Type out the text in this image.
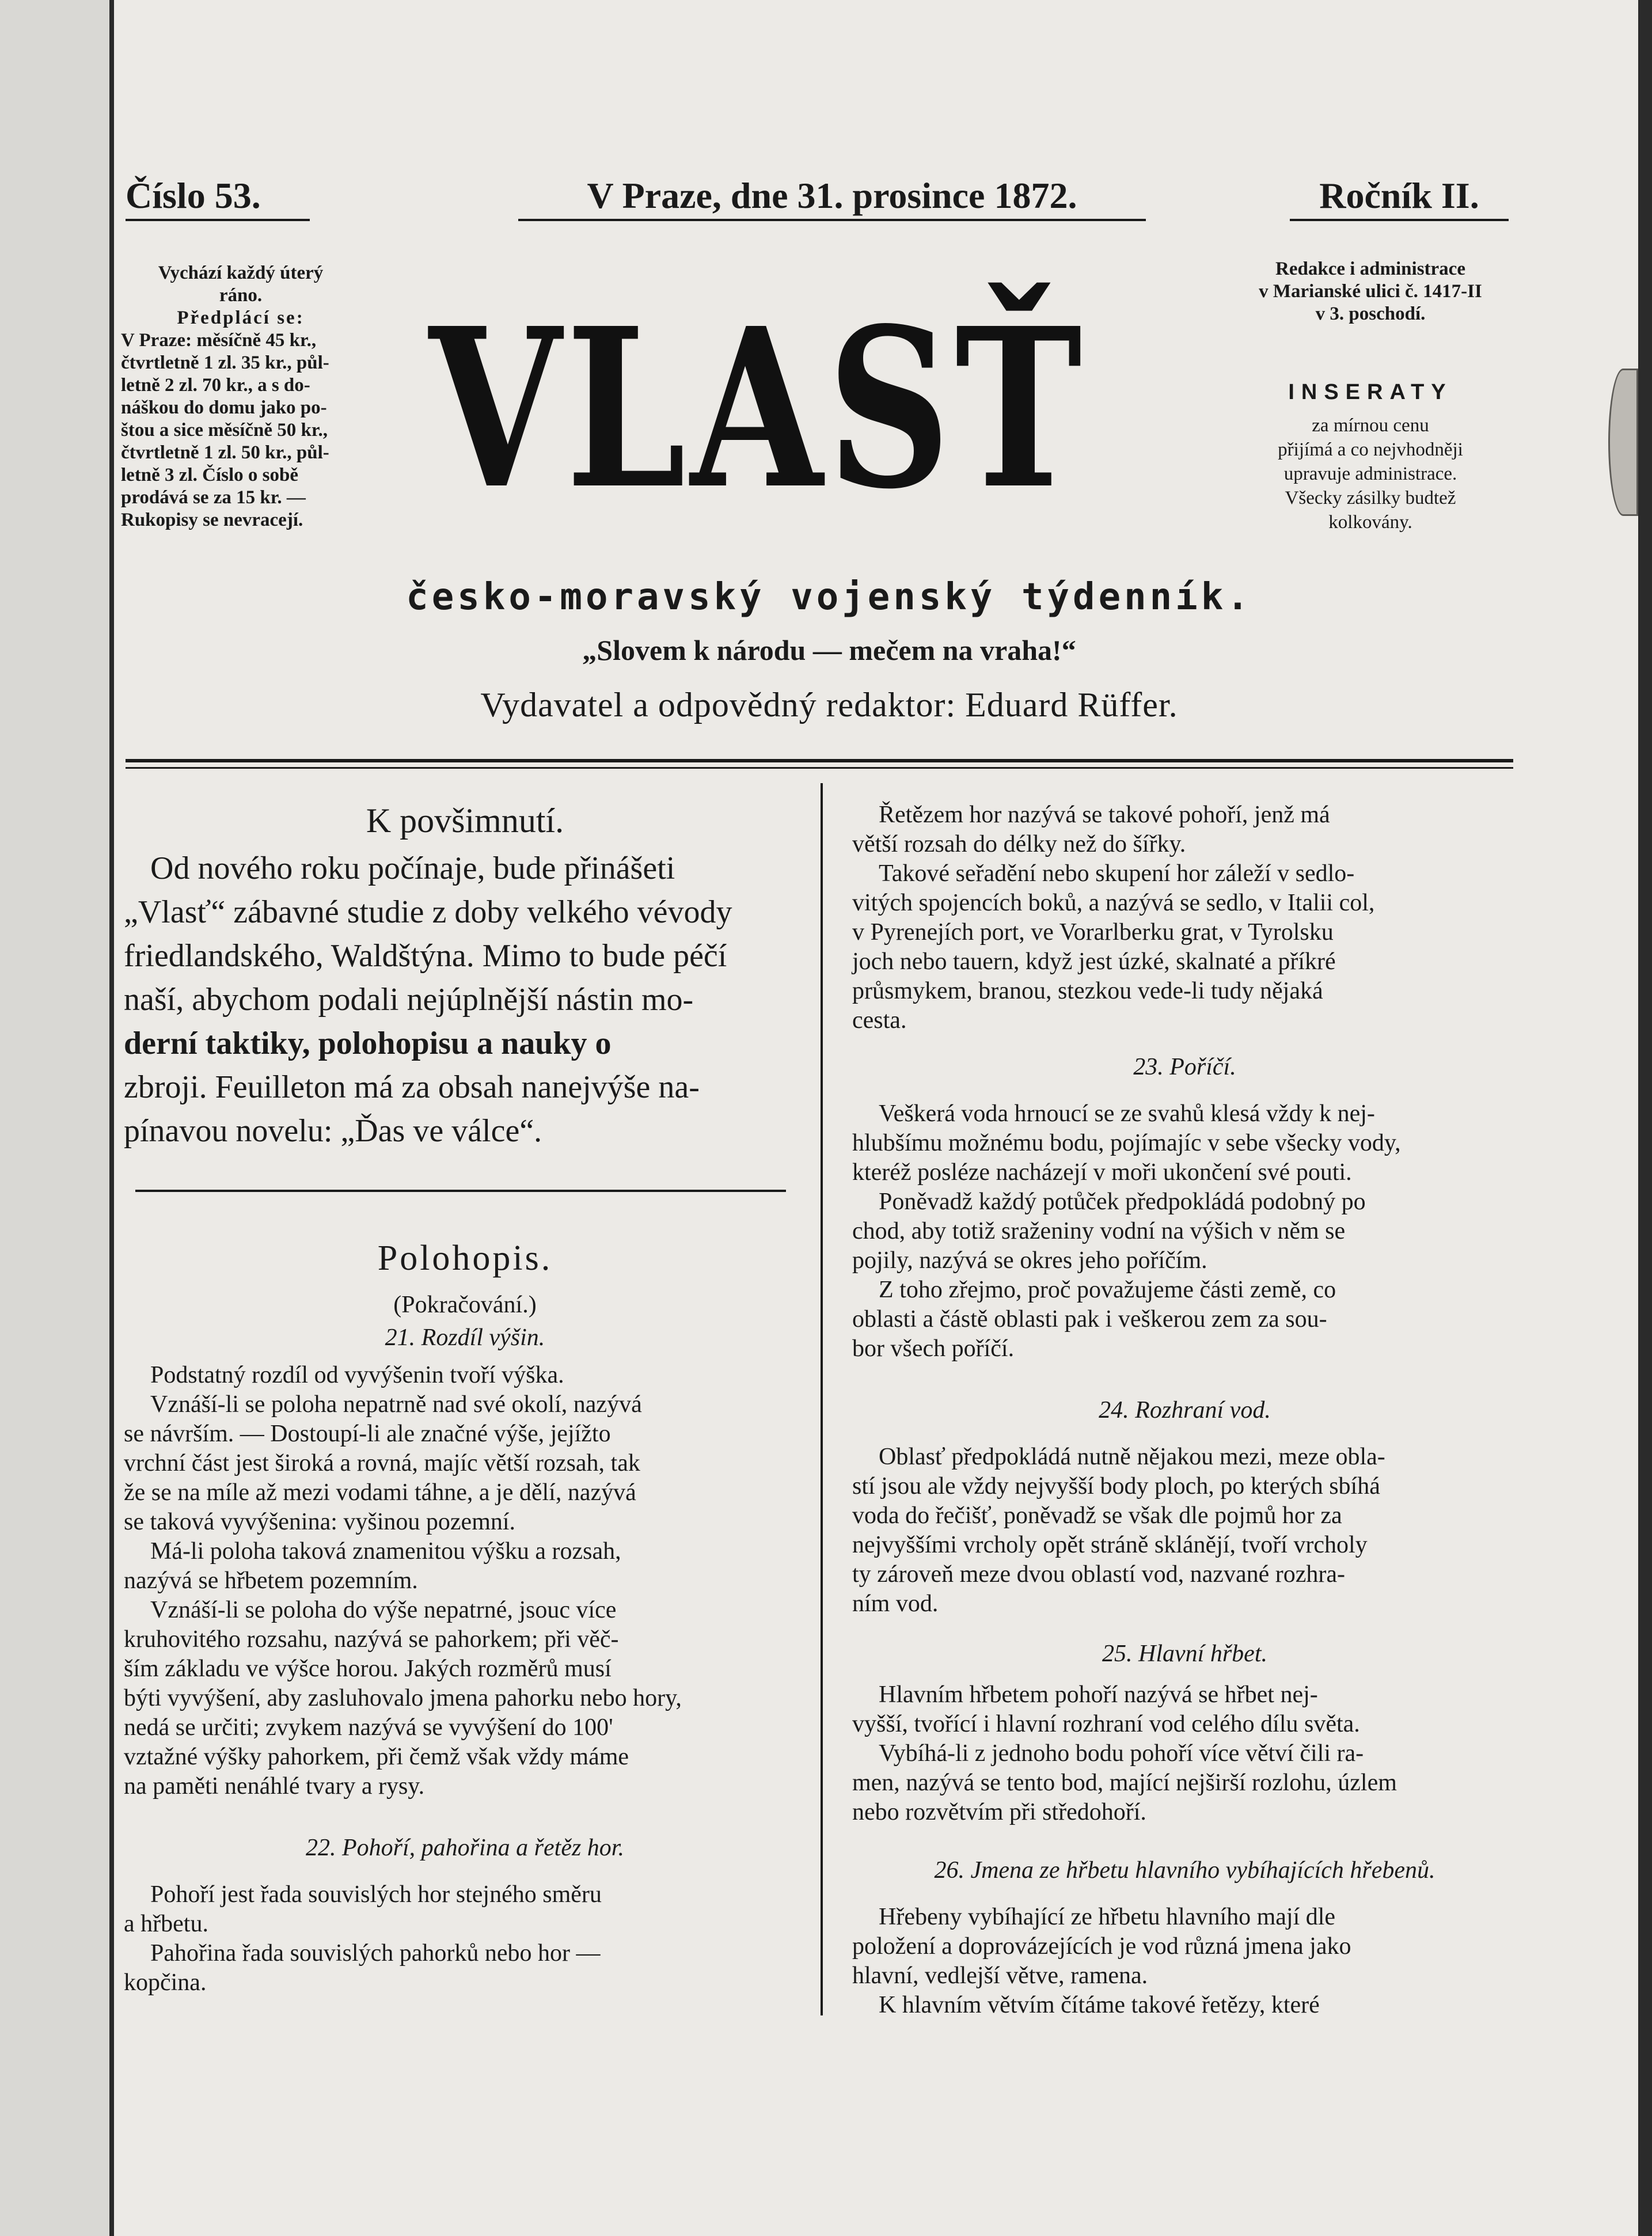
Číslo 53.	V Praze, dne 31. prosince 1872.	Ročník II.
Vychází každý úterý
ráno.
Předplácí se:
V Praze: měsíčně 45 kr.,
čtvrtletně 1 zl. 35 kr., půl-
letně 2 zl. 70 kr., a s do-
náškou do domu jako po-
štou a sice měsíčně 50 kr.,
čtvrtletně 1 zl. 50 kr., půl-
letně 3 zl. Číslo o sobě
prodává se za 15 kr. —
Rukopisy se nevracejí. VLASŤ
Redakce i administrace
v Marianské ulici č. 1417-II
v 3. poschodí.
INSERATY
za mírnou cenu
přijímá a co nejvhodněji
upravuje administrace.
Všecky zásilky budtež
kolkovány.
česko-moravský vojenský týdenník.
„Slovem k národu — mečem na vraha!“
Vydavatel a odpovědný redaktor: Eduard Rüffer.
K povšimnutí.

Od nového roku počínaje, bude přinášeti

„Vlasť“ zábavné studie z doby velkého vévody

friedlandského, Waldštýna. Mimo to bude péčí

naší, abychom podali nejúplnější nástin mo-

derní taktiky, polohopisu a nauky o

zbroji. Feuilleton má za obsah nanejvýše na-

pínavou novelu: „Ďas ve válce“.

Polohopis.
(Pokračování.)
21. Rozdíl výšin.

Podstatný rozdíl od vyvýšenin tvoří výška.

Vznáší-li se poloha nepatrně nad své okolí, nazývá

se návrším. — Dostoupí-li ale značné výše, jejížto

vrchní část jest široká a rovná, majíc větší rozsah, tak

že se na míle až mezi vodami táhne, a je dělí, nazývá

se taková vyvýšenina: vyšinou pozemní.

Má-li poloha taková znamenitou výšku a rozsah,

nazývá se hřbetem pozemním.

Vznáší-li se poloha do výše nepatrné, jsouc více

kruhovitého rozsahu, nazývá se pahorkem; při věč-

ším základu ve výšce horou. Jakých rozměrů musí

býti vyvýšení, aby zasluhovalo jmena pahorku nebo hory,

nedá se určiti; zvykem nazývá se vyvýšení do 100'

vztažné výšky pahorkem, při čemž však vždy máme

na paměti nenáhlé tvary a rysy.

22. Pohoří, pahořina a řetěz hor.

Pohoří jest řada souvislých hor stejného směru

a hřbetu.

Pahořina řada souvislých pahorků nebo hor —

kopčina.

Řetězem hor nazývá se takové pohoří, jenž má

větší rozsah do délky než do šířky.

Takové seřadění nebo skupení hor záleží v sedlo-

vitých spojencích boků, a nazývá se sedlo, v Italii col,

v Pyrenejích port, ve Vorarlberku grat, v Tyrolsku

joch nebo tauern, když jest úzké, skalnaté a příkré

průsmykem, branou, stezkou vede-li tudy nějaká

cesta.

23. Poříčí.

Veškerá voda hrnoucí se ze svahů klesá vždy k nej-

hlubšímu možnému bodu, pojímajíc v sebe všecky vody,

kteréž posléze nacházejí v moři ukončení své pouti.

Poněvadž každý potůček předpokládá podobný po

chod, aby totiž sraženiny vodní na výšich v něm se

pojily, nazývá se okres jeho poříčím.

Z toho zřejmo, proč považujeme části země, co

oblasti a částě oblasti pak i veškerou zem za sou-

bor všech poříčí.

24. Rozhraní vod.

Oblasť předpokládá nutně nějakou mezi, meze obla-

stí jsou ale vždy nejvyšší body ploch, po kterých sbíhá

voda do řečišť, poněvadž se však dle pojmů hor za

nejvyššími vrcholy opět stráně sklánějí, tvoří vrcholy

ty zároveň meze dvou oblastí vod, nazvané rozhra-

ním vod.

25. Hlavní hřbet.

Hlavním hřbetem pohoří nazývá se hřbet nej-

vyšší, tvořící i hlavní rozhraní vod celého dílu světa.

Vybíhá-li z jednoho bodu pohoří více větví čili ra-

men, nazývá se tento bod, mající nejširší rozlohu, úzlem

nebo rozvětvím při středohoří.

26. Jmena ze hřbetu hlavního vybíhajících hřebenů.

Hřebeny vybíhající ze hřbetu hlavního mají dle

položení a doprovázejících je vod různá jmena jako

hlavní, vedlejší větve, ramena.

K hlavním větvím čítáme takové řetězy, které
